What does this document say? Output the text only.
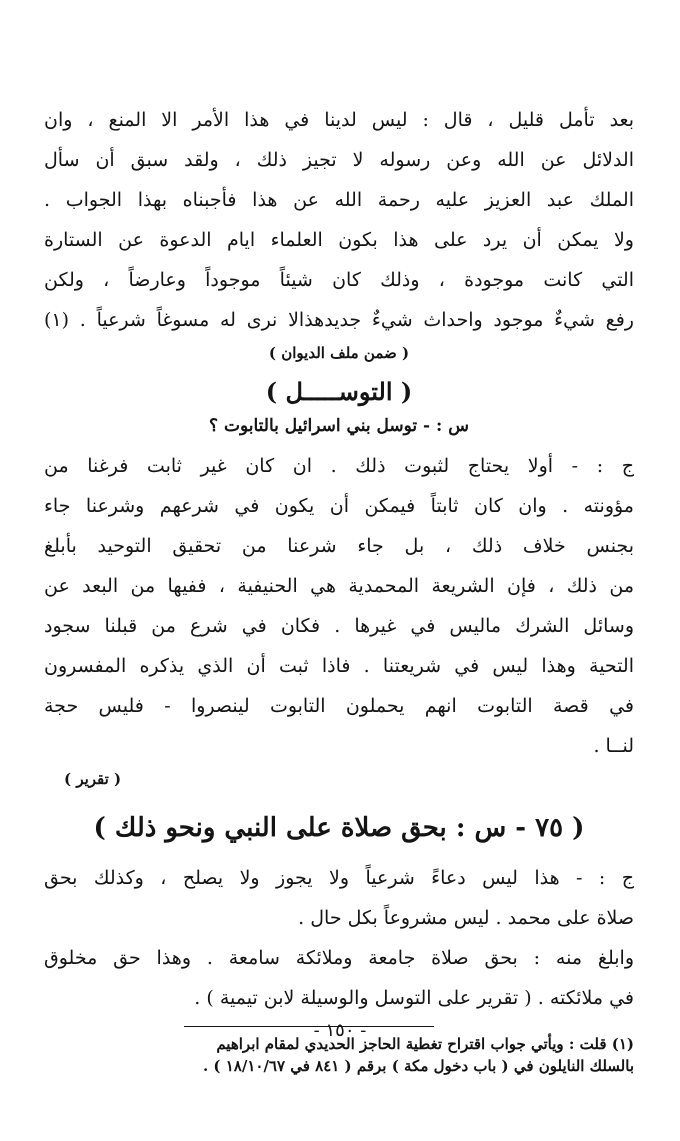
بعد تأمل قليل ، قال : ليس لدينا في هذا الأمر الا المنع ، وان

الدلائل عن الله وعن رسوله لا تجيز ذلك ، ولقد سبق أن سأل

الملك عبد العزيز عليه رحمة الله عن هذا فأجبناه بهذا الجواب .

ولا يمكن أن يرد على هذا بكون العلماء ايام الدعوة عن الستارة

التي كانت موجودة ، وذلك كان شيئاً موجوداً وعارضاً ، ولكن

رفع شيءٌ موجود واحداث شيءٌ جديدهذالا نرى له مسوغاً شرعياً . (١)

( ضمن ملف الديوان )

( التوســـــل )

س : - توسل بني اسرائيل بالتابوت ؟

ج : - أولا يحتاج لثبوت ذلك . ان كان غير ثابت فرغنا من

مؤونته . وان كان ثابتاً فيمكن أن يكون في شرعهم وشرعنا جاء

بجنس خلاف ذلك ، بل جاء شرعنا من تحقيق التوحيد بأبلغ

من ذلك ، فإن الشريعة المحمدية هي الحنيفية ، ففيها من البعد عن

وسائل الشرك ماليس في غيرها . فكان في شرع من قبلنا سجود

التحية وهذا ليس في شريعتنا . فاذا ثبت أن الذي يذكره المفسرون

في قصة التابوت انهم يحملون التابوت لينصروا - فليس حجة

لنــا .

( تقرير )

( ٧٥ - س : بحق صلاة على النبي ونحو ذلك )

ج : - هذا ليس دعاءً شرعياً ولا يجوز ولا يصلح ، وكذلك بحق

صلاة على محمد . ليس مشروعاً بكل حال .

وابلغ منه : بحق صلاة جامعة وملائكة سامعة . وهذا حق مخلوق

في ملائكته . ( تقرير على التوسل والوسيلة لابن تيمية ) .

(١) قلت : ويأتي جواب اقتراح تغطية الحاجز الحديدي لمقام ابراهيم

بالسلك النايلون في ( باب دخول مكة ) برقم ( ٨٤١ في ١٨/١٠/٦٧ ) .

- ١٥٠ -
